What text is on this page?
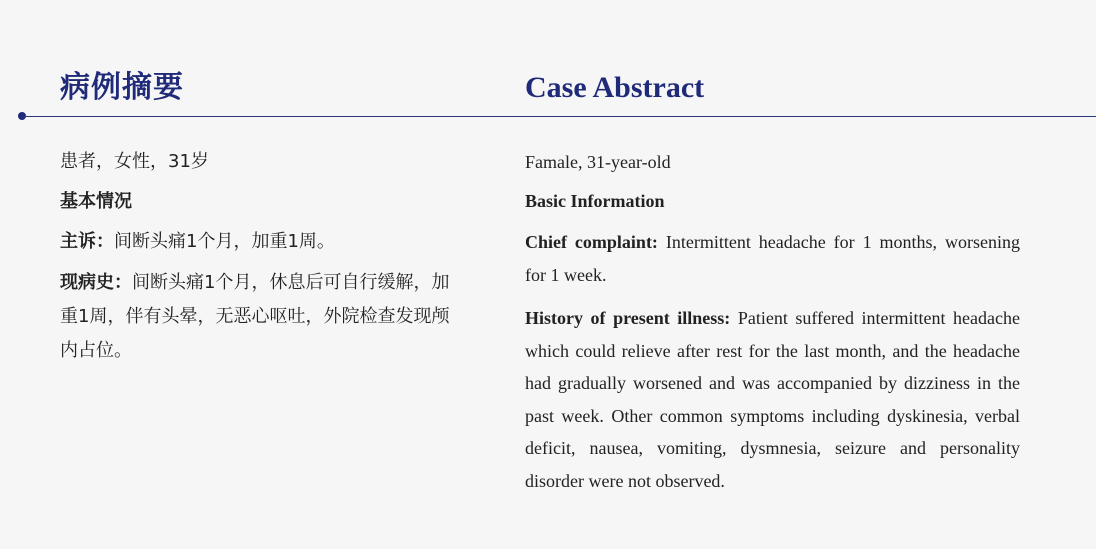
病例摘要	Case Abstract
患者，女性，31岁
基本情况
主诉：间断头痛1个月，加重1周。
现病史：间断头痛1个月，休息后可自行缓解，加重1周，伴有头晕，无恶心呕吐，外院检查发现颅内占位。
Famale, 31-year-old
Basic Information
Chief complaint: Intermittent headache for 1 months, worsening for 1 week.
History of present illness: Patient suffered intermittent headache which could relieve after rest for the last month, and the headache had gradually worsened and was accompanied by dizziness in the past week. Other common symptoms including dyskinesia, verbal deficit, nausea, vomiting, dysmnesia, seizure and personality disorder were not observed.
